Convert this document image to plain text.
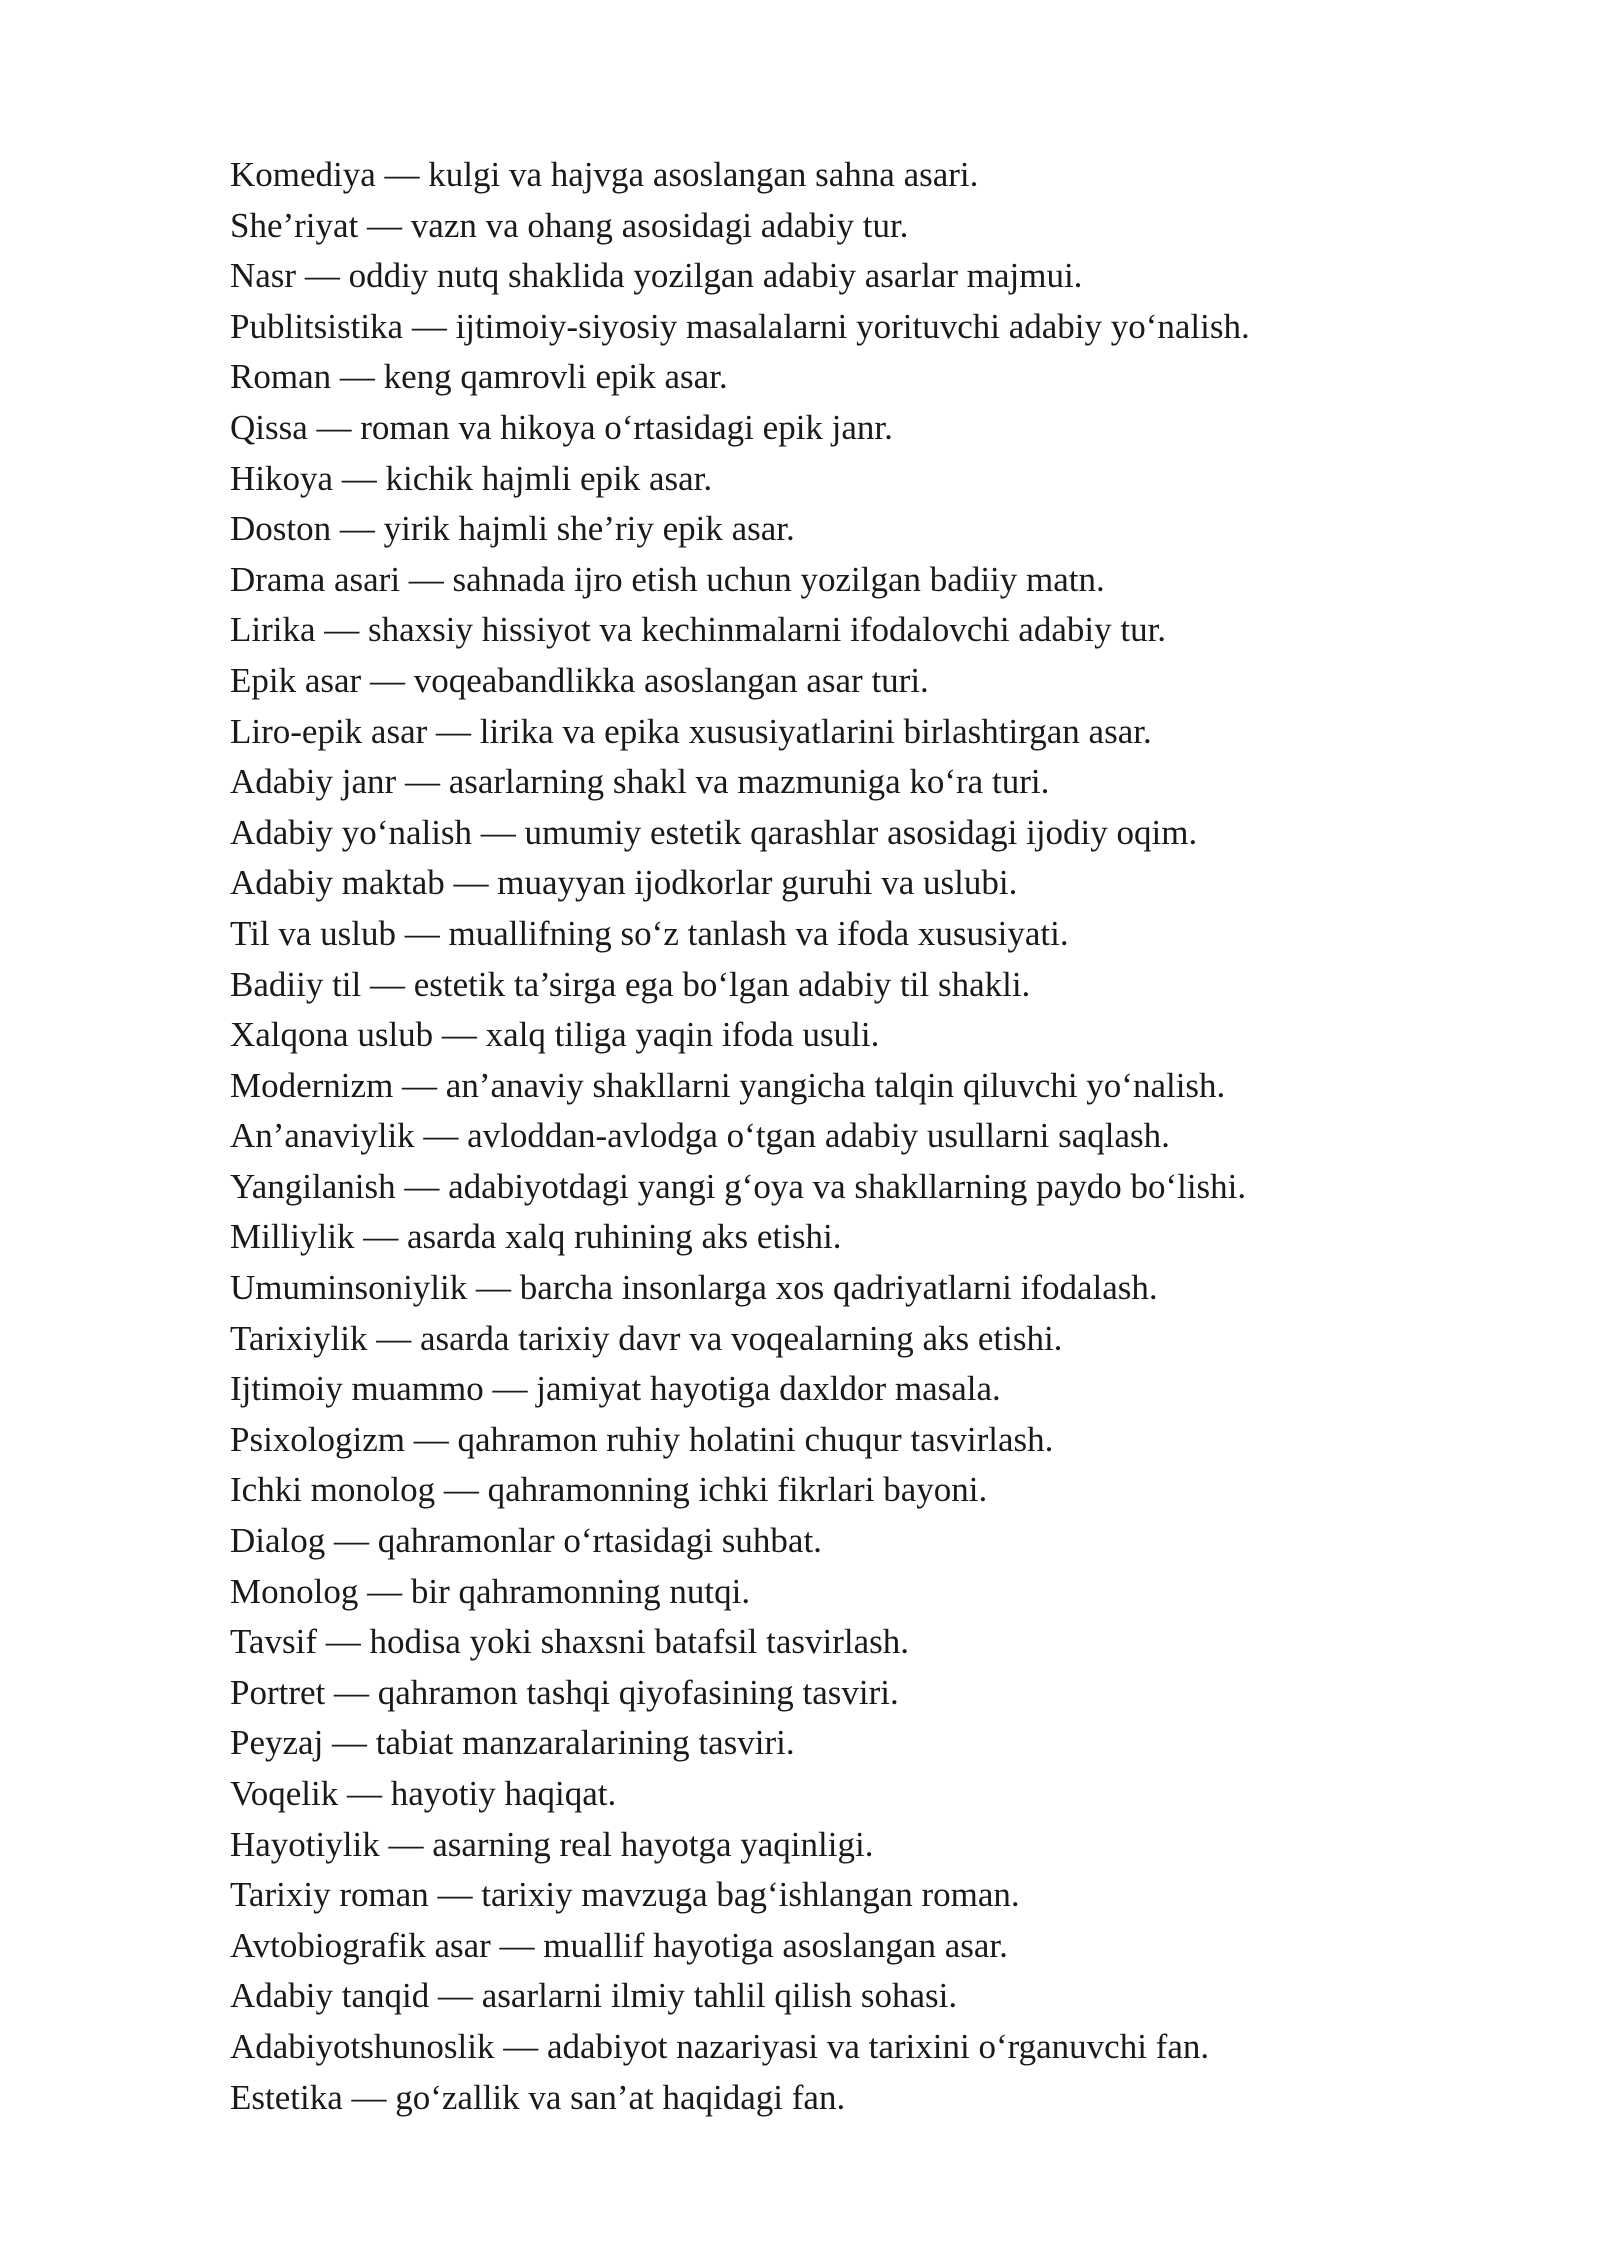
Komediya — kulgi va hajvga asoslangan sahna asari.
She’riyat — vazn va ohang asosidagi adabiy tur.
Nasr — oddiy nutq shaklida yozilgan adabiy asarlar majmui.
Publitsistika — ijtimoiy-siyosiy masalalarni yorituvchi adabiy yo‘nalish.
Roman — keng qamrovli epik asar.
Qissa — roman va hikoya o‘rtasidagi epik janr.
Hikoya — kichik hajmli epik asar.
Doston — yirik hajmli she’riy epik asar.
Drama asari — sahnada ijro etish uchun yozilgan badiiy matn.
Lirika — shaxsiy hissiyot va kechinmalarni ifodalovchi adabiy tur.
Epik asar — voqeabandlikka asoslangan asar turi.
Liro-epik asar — lirika va epika xususiyatlarini birlashtirgan asar.
Adabiy janr — asarlarning shakl va mazmuniga ko‘ra turi.
Adabiy yo‘nalish — umumiy estetik qarashlar asosidagi ijodiy oqim.
Adabiy maktab — muayyan ijodkorlar guruhi va uslubi.
Til va uslub — muallifning so‘z tanlash va ifoda xususiyati.
Badiiy til — estetik ta’sirga ega bo‘lgan adabiy til shakli.
Xalqona uslub — xalq tiliga yaqin ifoda usuli.
Modernizm — an’anaviy shakllarni yangicha talqin qiluvchi yo‘nalish.
An’anaviylik — avloddan-avlodga o‘tgan adabiy usullarni saqlash.
Yangilanish — adabiyotdagi yangi g‘oya va shakllarning paydo bo‘lishi.
Milliylik — asarda xalq ruhining aks etishi.
Umuminsoniylik — barcha insonlarga xos qadriyatlarni ifodalash.
Tarixiylik — asarda tarixiy davr va voqealarning aks etishi.
Ijtimoiy muammo — jamiyat hayotiga daxldor masala.
Psixologizm — qahramon ruhiy holatini chuqur tasvirlash.
Ichki monolog — qahramonning ichki fikrlari bayoni.
Dialog — qahramonlar o‘rtasidagi suhbat.
Monolog — bir qahramonning nutqi.
Tavsif — hodisa yoki shaxsni batafsil tasvirlash.
Portret — qahramon tashqi qiyofasining tasviri.
Peyzaj — tabiat manzaralarining tasviri.
Voqelik — hayotiy haqiqat.
Hayotiylik — asarning real hayotga yaqinligi.
Tarixiy roman — tarixiy mavzuga bag‘ishlangan roman.
Avtobiografik asar — muallif hayotiga asoslangan asar.
Adabiy tanqid — asarlarni ilmiy tahlil qilish sohasi.
Adabiyotshunoslik — adabiyot nazariyasi va tarixini o‘rganuvchi fan.
Estetika — go‘zallik va san’at haqidagi fan.
